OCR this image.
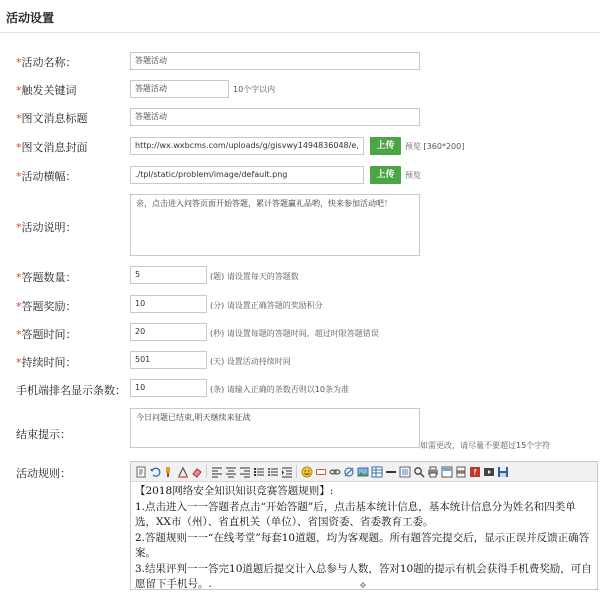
活动设置
*活动名称：	答题活动
*触发关键词	答题活动	10个字以内
*图文消息标题	答题活动
*图文消息封面	http://wx.wxbcms.com/uploads/g/gisvwy1494836048/e,	上传	预览 [360*200]
*活动横幅：	./tpl/static/problem/image/default.png	上传	预览
*活动说明：
亲，点击进入问答页面开始答题，累计答题赢礼品哟，快来参加活动吧！
*答题数量：	5	(题) 请设置每天的答题数
*答题奖励：	10	(分) 请设置正确答题的奖励积分
*答题时间：	20	(秒) 请设置每题的答题时间，超过时限答题错误
*持续时间：	501	(天) 设置活动持续时间
手机端排名显示条数：	10	(条) 请输入正确的条数否则以10条为准
结束提示：
今日问题已结束,明天继续来征战
如需更改，请尽量不要超过15个字符
活动规则：	f

【2018网络安全知识知识竞赛答题规则】:

1.点击进入一一答题者点击“开始答题”后，点击基本统计信息，基本统计信息分为姓名和四类单选，XX市（州）、省直机关（单位）、省国资委、省委教育工委。

2.答题规则一一“在线考堂”每套10道题，均为客观题。所有题答完提交后，显示正误并反馈正确答案。

3.结果评判一一答完10道题后提交计入总参与人数，答对10题的提示有机会获得手机费奖励，可自愿留下手机号。.	✥
